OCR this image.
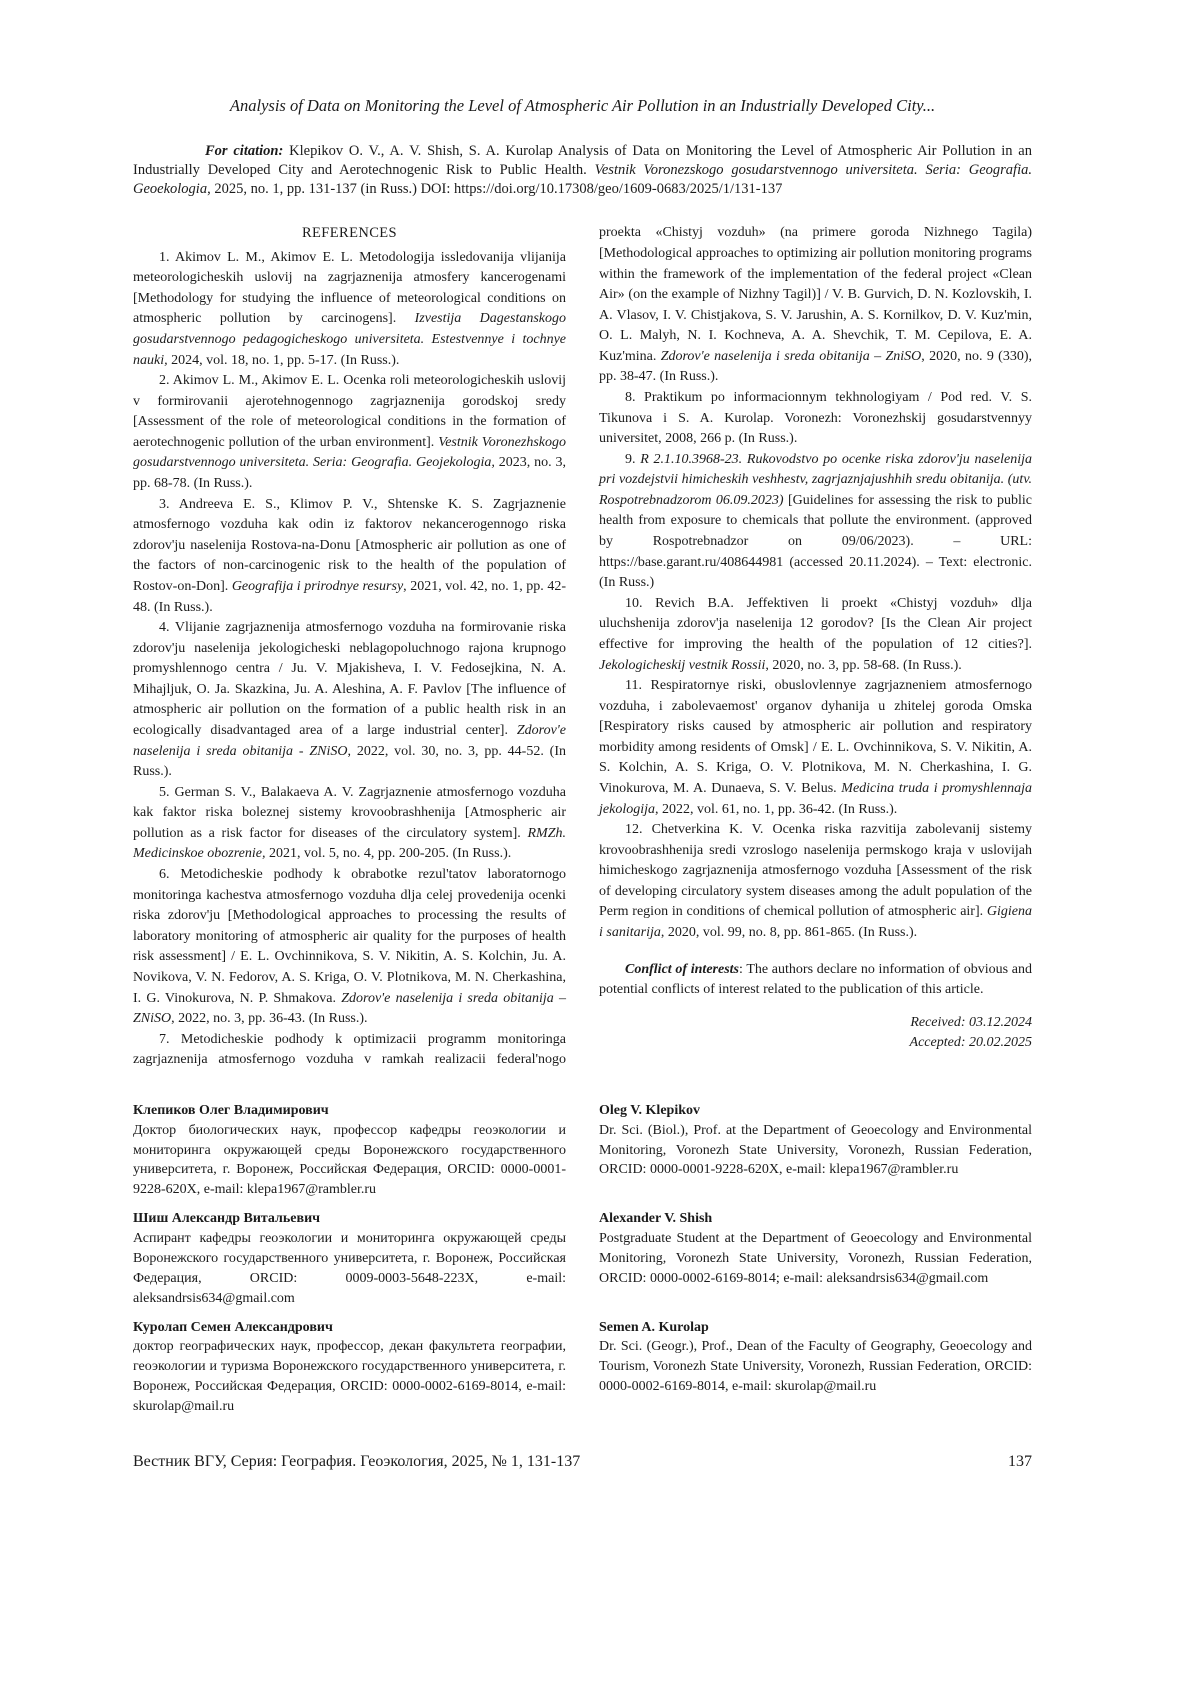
Analysis of Data on Monitoring the Level of Atmospheric Air Pollution in an Industrially Developed City...

For citation: Klepikov O. V., A. V. Shish, S. A. Kurolap Analysis of Data on Monitoring the Level of Atmospheric Air Pollution in an Industrially Developed City and Aerotechnogenic Risk to Public Health. Vestnik Voronezskogo gosudarstvennogo universiteta. Seria: Geografia. Geoekologia, 2025, no. 1, pp. 131-137 (in Russ.) DOI: https://doi.org/10.17308/geo/1609-0683/2025/1/131-137

REFERENCES

1. Akimov L. M., Akimov E. L. Metodologija issledovanija vlijanija meteorologicheskih uslovij na zagrjaznenija atmosfery kancerogenami [Methodology for studying the influence of meteorological conditions on atmospheric pollution by carcinogens]. Izvestija Dagestanskogo gosudarstvennogo pedagogicheskogo universiteta. Estestvennye i tochnye nauki, 2024, vol. 18, no. 1, pp. 5-17. (In Russ.).

2. Akimov L. M., Akimov E. L. Ocenka roli meteorologicheskih uslovij v formirovanii ajerotehnogennogo zagrjaznenija gorodskoj sredy [Assessment of the role of meteorological conditions in the formation of aerotechnogenic pollution of the urban environment]. Vestnik Voronezhskogo gosudarstvennogo universiteta. Seria: Geografia. Geojekologia, 2023, no. 3, pp. 68-78. (In Russ.).

3. Andreeva E. S., Klimov P. V., Shtenske K. S. Zagrjaznenie atmosfernogo vozduha kak odin iz faktorov nekancerogennogo riska zdorov'ju naselenija Rostova-na-Donu [Atmospheric air pollution as one of the factors of non-carcinogenic risk to the health of the population of Rostov-on-Don]. Geografija i prirodnye resursy, 2021, vol. 42, no. 1, pp. 42-48. (In Russ.).

4. Vlijanie zagrjaznenija atmosfernogo vozduha na formirovanie riska zdorov'ju naselenija jekologicheski neblagopoluchnogo rajona krupnogo promyshlennogo centra / Ju. V. Mjakisheva, I. V. Fedosejkina, N. A. Mihajljuk, O. Ja. Skazkina, Ju. A. Aleshina, A. F. Pavlov [The influence of atmospheric air pollution on the formation of a public health risk in an ecologically disadvantaged area of a large industrial center]. Zdorov'e naselenija i sreda obitanija - ZNiSO, 2022, vol. 30, no. 3, pp. 44-52. (In Russ.).

5. German S. V., Balakaeva A. V. Zagrjaznenie atmosfernogo vozduha kak faktor riska boleznej sistemy krovoobrashhenija [Atmospheric air pollution as a risk factor for diseases of the circulatory system]. RMZh. Medicinskoe obozrenie, 2021, vol. 5, no. 4, pp. 200-205. (In Russ.).

6. Metodicheskie podhody k obrabotke rezul'tatov laboratornogo monitoringa kachestva atmosfernogo vozduha dlja celej provedenija ocenki riska zdorov'ju [Methodological approaches to processing the results of laboratory monitoring of atmospheric air quality for the purposes of health risk assessment] / E. L. Ovchinnikova, S. V. Nikitin, A. S. Kolchin, Ju. A. Novikova, V. N. Fedorov, A. S. Kriga, O. V. Plotnikova, M. N. Cherkashina, I. G. Vinokurova, N. P. Shmakova. Zdorov'e naselenija i sreda obitanija – ZNiSO, 2022, no. 3, pp. 36-43. (In Russ.).

7. Metodicheskie podhody k optimizacii programm monitoringa zagrjaznenija atmosfernogo vozduha v ramkah realizacii federal'nogo proekta «Chistyj vozduh» (na primere goroda Nizhnego Tagila) [Methodological approaches to optimizing air pollution monitoring programs within the framework of the implementation of the federal project «Clean Air» (on the example of Nizhny Tagil)] / V. B. Gurvich, D. N. Kozlovskih, I. A. Vlasov, I. V. Chistjakova, S. V. Jarushin, A. S. Kornilkov, D. V. Kuz'min, O. L. Malyh, N. I. Kochneva, A. A. Shevchik, T. M. Cepilova, E. A. Kuz'mina. Zdorov'e naselenija i sreda obitanija – ZniSO, 2020, no. 9 (330), pp. 38-47. (In Russ.).

8. Praktikum po informacionnym tekhnologiyam / Pod red. V. S. Tikunova i S. A. Kurolap. Voronezh: Voronezhskij gosudarstvennyy universitet, 2008, 266 p. (In Russ.).

9. R 2.1.10.3968-23. Rukovodstvo po ocenke riska zdorov'ju naselenija pri vozdejstvii himicheskih veshhestv, zagrjaznjajushhih sredu obitanija. (utv. Rospotrebnadzorom 06.09.2023) [Guidelines for assessing the risk to public health from exposure to chemicals that pollute the environment. (approved by Rospotrebnadzor on 09/06/2023). – URL: https://base.garant.ru/408644981 (accessed 20.11.2024). – Text: electronic. (In Russ.)

10. Revich B.A. Jeffektiven li proekt «Chistyj vozduh» dlja uluchshenija zdorov'ja naselenija 12 gorodov? [Is the Clean Air project effective for improving the health of the population of 12 cities?]. Jekologicheskij vestnik Rossii, 2020, no. 3, pp. 58-68. (In Russ.).

11. Respiratornye riski, obuslovlennye zagrjazneniem atmosfernogo vozduha, i zabolevaemost' organov dyhanija u zhitelej goroda Omska [Respiratory risks caused by atmospheric air pollution and respiratory morbidity among residents of Omsk] / E. L. Ovchinnikova, S. V. Nikitin, A. S. Kolchin, A. S. Kriga, O. V. Plotnikova, M. N. Cherkashina, I. G. Vinokurova, M. A. Dunaeva, S. V. Belus. Medicina truda i promyshlennaja jekologija, 2022, vol. 61, no. 1, pp. 36-42. (In Russ.).

12. Chetverkina K. V. Ocenka riska razvitija zabolevanij sistemy krovoobrashhenija sredi vzroslogo naselenija permskogo kraja v uslovijah himicheskogo zagrjaznenija atmosfernogo vozduha [Assessment of the risk of developing circulatory system diseases among the adult population of the Perm region in conditions of chemical pollution of atmospheric air]. Gigiena i sanitarija, 2020, vol. 99, no. 8, pp. 861-865. (In Russ.).

Conflict of interests: The authors declare no information of obvious and potential conflicts of interest related to the publication of this article.

Received: 03.12.2024

Accepted: 20.02.2025

Клепиков Олег Владимирович

Доктор биологических наук, профессор кафедры геоэкологии и мониторинга окружающей среды Воронежского государственного университета, г. Воронеж, Российская Федерация, ORCID: 0000-0001-9228-620X, e-mail: klepa1967@rambler.ru

Oleg V. Klepikov

Dr. Sci. (Biol.), Prof. at the Department of Geoecology and Environmental Monitoring, Voronezh State University, Voronezh, Russian Federation, ORCID: 0000-0001-9228-620X, e-mail: klepa1967@rambler.ru

Шиш Александр Витальевич

Аспирант кафедры геоэкологии и мониторинга окружающей среды Воронежского государственного университета, г. Воронеж, Российская Федерация, ORCID: 0009-0003-5648-223X, e-mail: aleksandrsis634@gmail.com

Alexander V. Shish

Postgraduate Student at the Department of Geoecology and Environmental Monitoring, Voronezh State University, Voronezh, Russian Federation, ORCID: 0000-0002-6169-8014; e-mail: aleksandrsis634@gmail.com

Куролап Семен Александрович

доктор географических наук, профессор, декан факультета географии, геоэкологии и туризма Воронежского государственного университета, г. Воронеж, Российская Федерация, ORCID: 0000-0002-6169-8014, e-mail: skurolap@mail.ru

Semen A. Kurolap

Dr. Sci. (Geogr.), Prof., Dean of the Faculty of Geography, Geoecology and Tourism, Voronezh State University, Voronezh, Russian Federation, ORCID: 0000-0002-6169-8014, e-mail: skurolap@mail.ru

Вестник ВГУ, Серия: География. Геоэкология, 2025, № 1, 131-137	137
